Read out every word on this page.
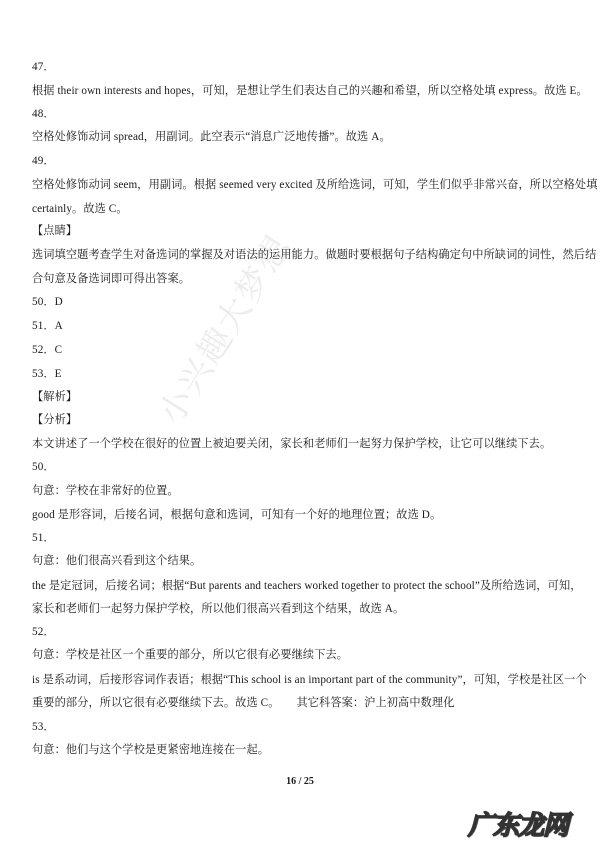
47．
根据 their own interests and hopes，可知，是想让学生们表达自己的兴趣和希望，所以空格处填 express。故选 E。
48．
空格处修饰动词 spread，用副词。此空表示“消息广泛地传播”。故选 A。
49．
空格处修饰动词 seem，用副词。根据 seemed very excited 及所给选词，可知，学生们似乎非常兴奋，所以空格处填
certainly。故选 C。
【点睛】
选词填空题考查学生对备选词的掌握及对语法的运用能力。做题时要根据句子结构确定句中所缺词的词性，然后结
合句意及备选词即可得出答案。
50．D
51．A
52．C
53．E
【解析】
【分析】
本文讲述了一个学校在很好的位置上被迫要关闭，家长和老师们一起努力保护学校，让它可以继续下去。
50．
句意：学校在非常好的位置。
good 是形容词，后接名词，根据句意和选词，可知有一个好的地理位置；故选 D。
51．
句意：他们很高兴看到这个结果。
the 是定冠词，后接名词；根据“But parents and teachers worked together to protect the school”及所给选词，可知，
家长和老师们一起努力保护学校，所以他们很高兴看到这个结果，故选 A。
52．
句意：学校是社区一个重要的部分，所以它很有必要继续下去。
is 是系动词，后接形容词作表语；根据“This school is an important part of the community”，可知，学校是社区一个
重要的部分，所以它很有必要继续下去。故选 C。　　其它科答案：沪上初高中数理化
53．
句意：他们与这个学校是更紧密地连接在一起。
小兴趣大梦想
16 / 25
广东龙网
